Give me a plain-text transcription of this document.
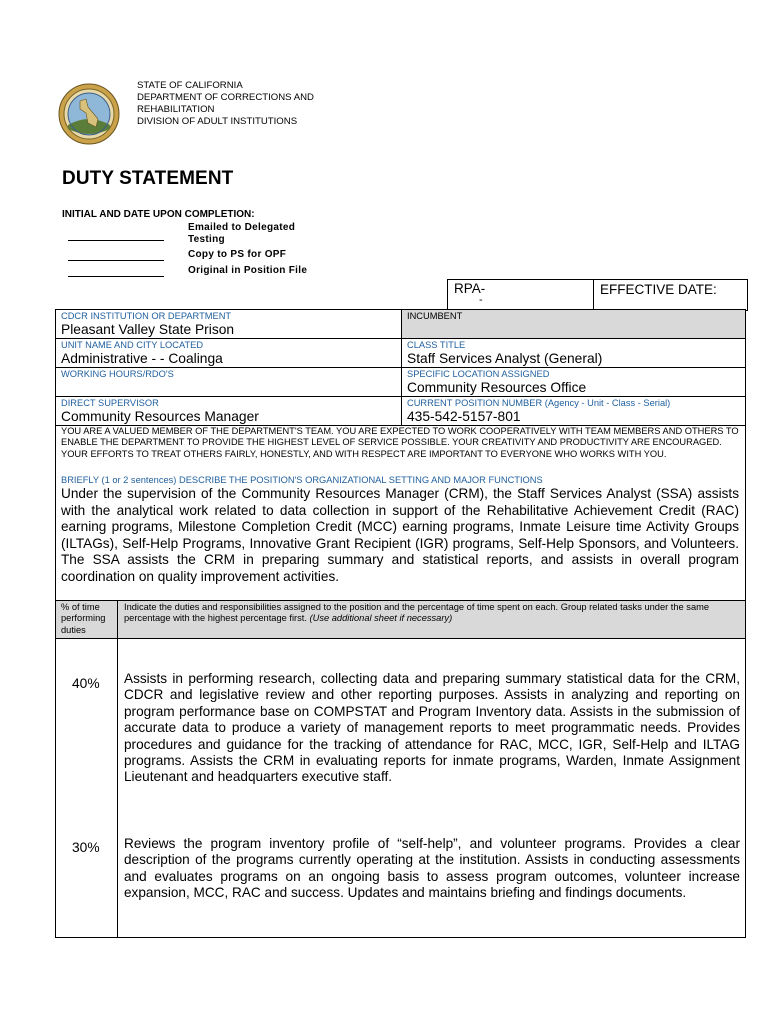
STATE OF CALIFORNIA
DEPARTMENT OF CORRECTIONS AND
REHABILITATION
DIVISION OF ADULT INSTITUTIONS
DUTY STATEMENT
INITIAL AND DATE UPON COMPLETION:
Emailed to Delegated Testing
Copy to PS for OPF
Original in Position File
RPA-
-
EFFECTIVE DATE:
CDCR INSTITUTION OR DEPARTMENT
Pleasant Valley State Prison
INCUMBENT
UNIT NAME AND CITY LOCATED
Administrative - - Coalinga
CLASS TITLE
Staff Services Analyst (General)
WORKING HOURS/RDO'S	SPECIFIC LOCATION ASSIGNED
Community Resources Office
DIRECT SUPERVISOR
Community Resources Manager
CURRENT POSITION NUMBER (Agency - Unit - Class - Serial)
435-542-5157-801
YOU ARE A VALUED MEMBER OF THE DEPARTMENT'S TEAM. YOU ARE EXPECTED TO WORK COOPERATIVELY WITH TEAM MEMBERS AND OTHERS TO ENABLE THE DEPARTMENT TO PROVIDE THE HIGHEST LEVEL OF SERVICE POSSIBLE. YOUR CREATIVITY AND PRODUCTIVITY ARE ENCOURAGED. YOUR EFFORTS TO TREAT OTHERS FAIRLY, HONESTLY, AND WITH RESPECT ARE IMPORTANT TO EVERYONE WHO WORKS WITH YOU.
BRIEFLY (1 or 2 sentences) DESCRIBE THE POSITION'S ORGANIZATIONAL SETTING AND MAJOR FUNCTIONS
Under the supervision of the Community Resources Manager (CRM), the Staff Services Analyst (SSA) assists with the analytical work related to data collection in support of the Rehabilitative Achievement Credit (RAC) earning programs, Milestone Completion Credit (MCC) earning programs, Inmate Leisure time Activity Groups (ILTAGs), Self-Help Programs, Innovative Grant Recipient (IGR) programs, Self-Help Sponsors, and Volunteers. The SSA assists the CRM in preparing summary and statistical reports, and assists in overall program coordination on quality improvement activities.
% of time performing duties
Indicate the duties and responsibilities assigned to the position and the percentage of time spent on each. Group related tasks under the same percentage with the highest percentage first. (Use additional sheet if necessary)
40% Assists in performing research, collecting data and preparing summary statistical data for the CRM, CDCR and legislative review and other reporting purposes. Assists in analyzing and reporting on program performance base on COMPSTAT and Program Inventory data. Assists in the submission of accurate data to produce a variety of management reports to meet programmatic needs. Provides procedures and guidance for the tracking of attendance for RAC, MCC, IGR, Self-Help and ILTAG programs. Assists the CRM in evaluating reports for inmate programs, Warden, Inmate Assignment Lieutenant and headquarters executive staff.
30% Reviews the program inventory profile of “self-help”, and volunteer programs. Provides a clear description of the programs currently operating at the institution. Assists in conducting assessments and evaluates programs on an ongoing basis to assess program outcomes, volunteer increase expansion, MCC, RAC and success. Updates and maintains briefing and findings documents.
